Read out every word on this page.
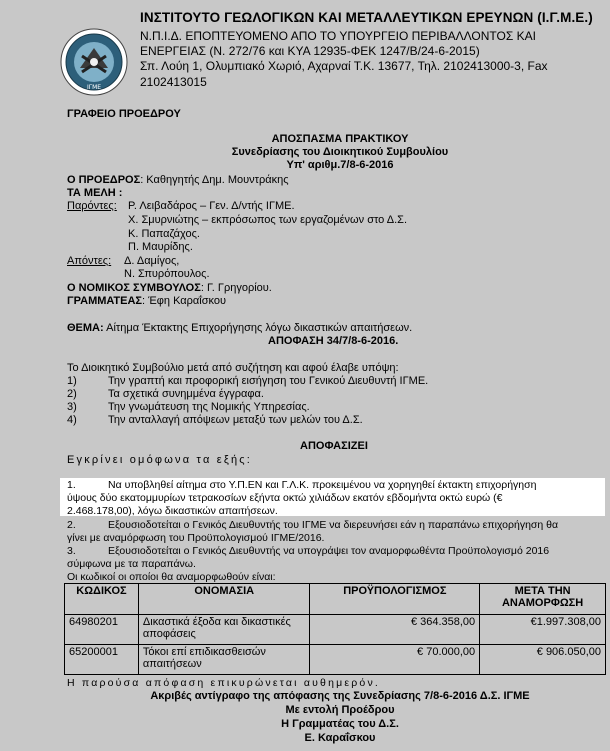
ΙΓΜΕ
ΙΝΣΤΙΤΟΥΤΟ ΓΕΩΛΟΓΙΚΩΝ ΚΑΙ ΜΕΤΑΛΛΕΥΤΙΚΩΝ ΕΡΕΥΝΩΝ (Ι.Γ.Μ.Ε.)
Ν.Π.Ι.Δ. ΕΠΟΠΤΕΥΟΜΕΝΟ ΑΠΟ ΤΟ ΥΠΟΥΡΓΕΙΟ ΠΕΡΙΒΑΛΛΟΝΤΟΣ ΚΑΙ
ΕΝΕΡΓΕΙΑΣ (Ν. 272/76 και ΚΥΑ 12935-ΦΕΚ 1247/Β/24-6-2015)
Σπ. Λούη 1, Ολυμπιακό Χωριό, Αχαρναί Τ.Κ. 13677, Τηλ. 2102413000-3, Fax
2102413015
ΓΡΑΦΕΙΟ ΠΡΟΕΔΡΟΥ
ΑΠΟΣΠΑΣΜΑ ΠΡΑΚΤΙΚΟΥ
Συνεδρίασης του Διοικητικού Συμβουλίου
Υπ' αριθμ.7/8-6-2016
Ο ΠΡΟΕΔΡΟΣ: Καθηγητής Δημ. Μουντράκης
ΤΑ ΜΕΛΗ :
Παρόντες: Ρ. Λειβαδάρος – Γεν. Δ/ντής ΙΓΜΕ.
Χ. Σμυρνιώτης – εκπρόσωπος των εργαζομένων στο Δ.Σ.
Κ. Παπαζάχος.
Π. Μαυρίδης.
Απόντες: Δ. Δαμίγος,
Ν. Σπυρόπουλος.
Ο ΝΟΜΙΚΟΣ ΣΥΜΒΟΥΛΟΣ: Γ. Γρηγορίου.
ΓΡΑΜΜΑΤΕΑΣ: Έφη Καραΐσκου
ΘΕΜΑ: Αίτημα Έκτακτης Επιχορήγησης λόγω δικαστικών απαιτήσεων.
ΑΠΟΦΑΣΗ 34/7/8-6-2016.
Το Διοικητικό Συμβούλιο μετά από συζήτηση και αφού έλαβε υπόψη:
1)	Την γραπτή και προφορική εισήγηση του Γενικού Διευθυντή ΙΓΜΕ.
2)	Τα σχετικά συνημμένα έγγραφα.
3)	Την γνωμάτευση της Νομικής Υπηρεσίας.
4)	Την ανταλλαγή απόψεων μεταξύ των μελών του Δ.Σ.
ΑΠΟΦΑΣΙΖΕΙ
Εγκρίνει ομόφωνα τα εξής:
1.	Να υποβληθεί αίτημα στο Υ.Π.ΕΝ και Γ.Λ.Κ. προκειμένου να χορηγηθεί έκτακτη επιχορήγηση
ύψους δύο εκατομμυρίων τετρακοσίων εξήντα οκτώ χιλιάδων εκατόν εβδομήντα οκτώ ευρώ (€
2.468.178,00), λόγω δικαστικών απαιτήσεων.
2.	Εξουσιοδοτείται ο Γενικός Διευθυντής του ΙΓΜΕ να διερευνήσει εάν η παραπάνω επιχορήγηση θα
γίνει με αναμόρφωση του Προϋπολογισμού ΙΓΜΕ/2016.
3.	Εξουσιοδοτείται ο Γενικός Διευθυντής να υπογράψει τον αναμορφωθέντα Προϋπολογισμό 2016
σύμφωνα με τα παραπάνω.
Οι κωδικοί οι οποίοι θα αναμορφωθούν είναι:
ΚΩΔΙΚΟΣ	ΟΝΟΜΑΣΙΑ	ΠΡΟΫΠΟΛΟΓΙΣΜΟΣ	ΜΕΤΑ ΤΗΝ ΑΝΑΜΟΡΦΩΣΗ
64980201	Δικαστικά έξοδα και δικαστικές αποφάσεις	€ 364.358,00	€1.997.308,00
65200001	Τόκοι επί επιδικασθεισών απαιτήσεων	€ 70.000,00	€ 906.050,00
Η παρούσα απόφαση επικυρώνεται αυθημερόν.
Ακριβές αντίγραφο της απόφασης της Συνεδρίασης 7/8-6-2016 Δ.Σ. ΙΓΜΕ
Με εντολή Προέδρου
Η Γραμματέας του Δ.Σ.
Ε. Καραΐσκου
